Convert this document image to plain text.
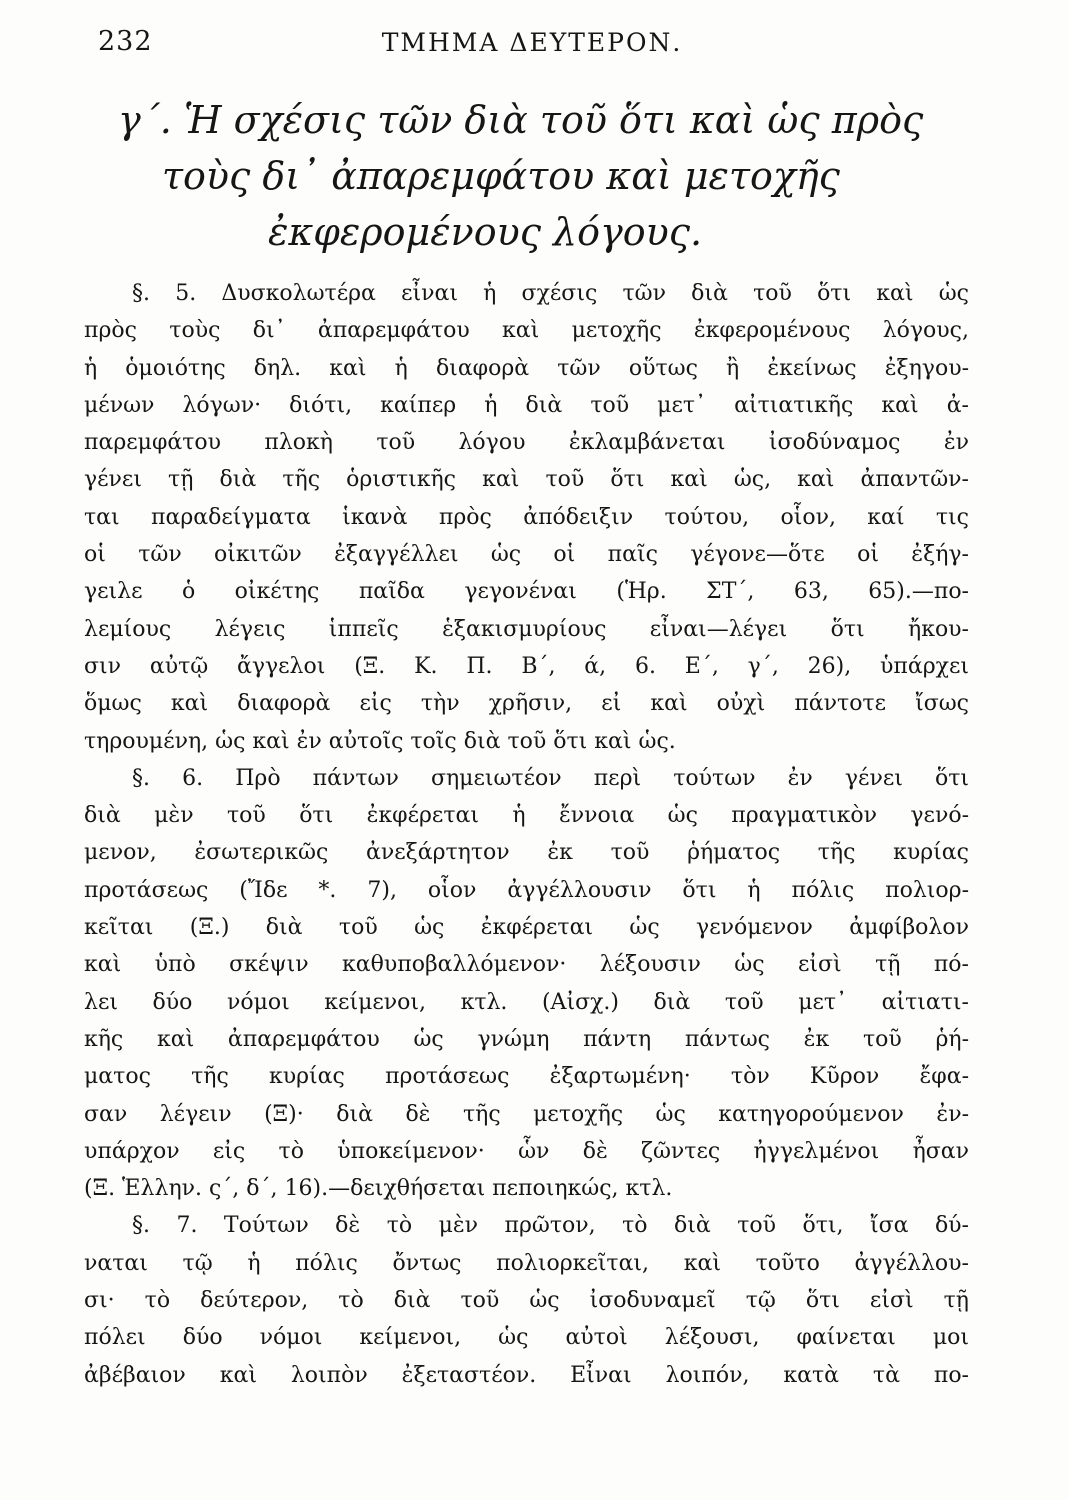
232	ΤΜΗΜΑ ΔΕΥΤΕΡΟΝ.
γ΄. Ἡ σχέσις τῶν διὰ τοῦ ὅτι καὶ ὡς πρὸς
τοὺς δι᾽ ἀπαρεμφάτου καὶ μετοχῆς
ἐκφερομένους λόγους.
§. 5. Δυσκολωτέρα εἶναι ἡ σχέσις τῶν διὰ τοῦ ὅτι καὶ ὡς
πρὸς τοὺς δι᾽ ἀπαρεμφάτου καὶ μετοχῆς ἐκφερομένους λόγους,
ἡ ὁμοιότης δηλ. καὶ ἡ διαφορὰ τῶν οὕτως ἢ ἐκείνως ἐξηγου-
μένων λόγων· διότι, καίπερ ἡ διὰ τοῦ μετ᾽ αἰτιατικῆς καὶ ἀ-
παρεμφάτου πλοκὴ τοῦ λόγου ἐκλαμβάνεται ἰσοδύναμος ἐν
γένει τῇ διὰ τῆς ὁριστικῆς καὶ τοῦ ὅτι καὶ ὡς, καὶ ἀπαντῶν-
ται παραδείγματα ἱκανὰ πρὸς ἀπόδειξιν τούτου, οἷον, καί τις
οἱ τῶν οἰκιτῶν ἐξαγγέλλει ὡς οἱ παῖς γέγονε—ὅτε οἱ ἐξήγ-
γειλε ὁ οἰκέτης παῖδα γεγονέναι (Ἡρ. ΣΤ΄, 63, 65).—πο-
λεμίους λέγεις ἱππεῖς ἑξακισμυρίους εἶναι—λέγει ὅτι ἤκου-
σιν αὐτῷ ἄγγελοι (Ξ. Κ. Π. Β΄, ά, 6. Ε΄, γ΄, 26), ὑπάρχει
ὅμως καὶ διαφορὰ εἰς τὴν χρῆσιν, εἰ καὶ οὐχὶ πάντοτε ἴσως
τηρουμένη, ὡς καὶ ἐν αὐτοῖς τοῖς διὰ τοῦ ὅτι καὶ ὡς.
§. 6. Πρὸ πάντων σημειωτέον περὶ τούτων ἐν γένει ὅτι
διὰ μὲν τοῦ ὅτι ἐκφέρεται ἡ ἔννοια ὡς πραγματικὸν γενό-
μενον, ἐσωτερικῶς ἀνεξάρτητον ἐκ τοῦ ῥήματος τῆς κυρίας
προτάσεως (Ἴδε *. 7), οἷον ἀγγέλλουσιν ὅτι ἡ πόλις πολιορ-
κεῖται (Ξ.) διὰ τοῦ ὡς ἐκφέρεται ὡς γενόμενον ἀμφίβολον
καὶ ὑπὸ σκέψιν καθυποβαλλόμενον· λέξουσιν ὡς εἰσὶ τῇ πό-
λει δύο νόμοι κείμενοι, κτλ. (Αἰσχ.) διὰ τοῦ μετ᾽ αἰτιατι-
κῆς καὶ ἀπαρεμφάτου ὡς γνώμη πάντη πάντως ἐκ τοῦ ῥή-
ματος τῆς κυρίας προτάσεως ἐξαρτωμένη· τὸν Κῦρον ἔφα-
σαν λέγειν (Ξ)· διὰ δὲ τῆς μετοχῆς ὡς κατηγορούμενον ἐν-
υπάρχον εἰς τὸ ὑποκείμενον· ὧν δὲ ζῶντες ἠγγελμένοι ἦσαν
(Ξ. Ἑλλην. ς΄, δ΄, 16).—δειχθήσεται πεποιηκώς, κτλ.
§. 7. Τούτων δὲ τὸ μὲν πρῶτον, τὸ διὰ τοῦ ὅτι, ἴσα δύ-
ναται τῷ ἡ πόλις ὄντως πολιορκεῖται, καὶ τοῦτο ἀγγέλλου-
σι· τὸ δεύτερον, τὸ διὰ τοῦ ὡς ἰσοδυναμεῖ τῷ ὅτι εἰσὶ τῇ
πόλει δύο νόμοι κείμενοι, ὡς αὐτοὶ λέξουσι, φαίνεται μοι
ἀβέβαιον καὶ λοιπὸν ἐξεταστέον. Εἶναι λοιπόν, κατὰ τὰ πο-
